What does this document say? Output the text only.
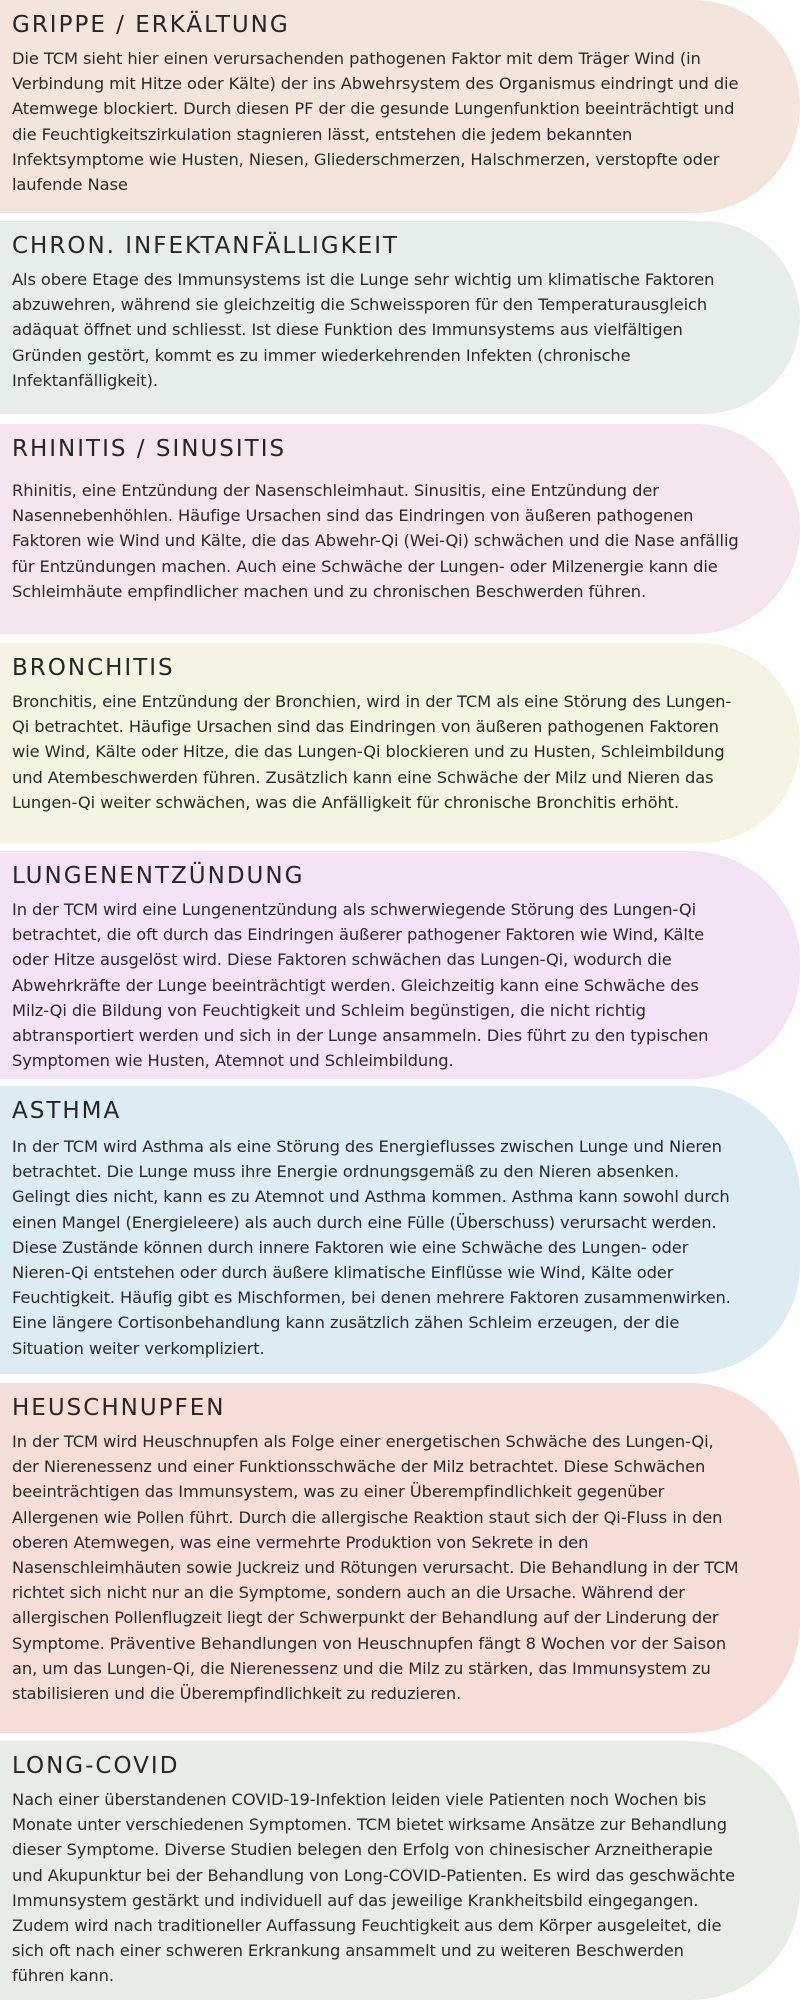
GRIPPE / ERKÄLTUNG

Die TCM sieht hier einen verursachenden pathogenen Faktor mit dem Träger Wind (in Verbindung mit Hitze oder Kälte) der ins Abwehrsystem des Organismus eindringt und die Atemwege blockiert. Durch diesen PF der die gesunde Lungenfunktion beeinträchtigt und die Feuchtigkeitszirkulation stagnieren lässt, entstehen die jedem bekannten Infektsymptome wie Husten, Niesen, Gliederschmerzen, Halschmerzen, verstopfte oder laufende Nase

CHRON. INFEKTANFÄLLIGKEIT

Als obere Etage des Immunsystems ist die Lunge sehr wichtig um klimatische Faktoren abzuwehren, während sie gleichzeitig die Schweissporen für den Temperaturausgleich adäquat öffnet und schliesst. Ist diese Funktion des Immunsystems aus vielfältigen Gründen gestört, kommt es zu immer wiederkehrenden Infekten (chronische Infektanfälligkeit).

RHINITIS / SINUSITIS

Rhinitis, eine Entzündung der Nasenschleimhaut. Sinusitis, eine Entzündung der Nasennebenhöhlen. Häufige Ursachen sind das Eindringen von äußeren pathogenen Faktoren wie Wind und Kälte, die das Abwehr-Qi (Wei-Qi) schwächen und die Nase anfällig für Entzündungen machen. Auch eine Schwäche der Lungen- oder Milzenergie kann die Schleimhäute empfindlicher machen und zu chronischen Beschwerden führen.

BRONCHITIS

Bronchitis, eine Entzündung der Bronchien, wird in der TCM als eine Störung des Lungen-Qi betrachtet. Häufige Ursachen sind das Eindringen von äußeren pathogenen Faktoren wie Wind, Kälte oder Hitze, die das Lungen-Qi blockieren und zu Husten, Schleimbildung und Atembeschwerden führen. Zusätzlich kann eine Schwäche der Milz und Nieren das Lungen-Qi weiter schwächen, was die Anfälligkeit für chronische Bronchitis erhöht.

LUNGENENTZÜNDUNG

In der TCM wird eine Lungenentzündung als schwerwiegende Störung des Lungen-Qi betrachtet, die oft durch das Eindringen äußerer pathogener Faktoren wie Wind, Kälte oder Hitze ausgelöst wird. Diese Faktoren schwächen das Lungen-Qi, wodurch die Abwehrkräfte der Lunge beeinträchtigt werden. Gleichzeitig kann eine Schwäche des Milz-Qi die Bildung von Feuchtigkeit und Schleim begünstigen, die nicht richtig abtransportiert werden und sich in der Lunge ansammeln. Dies führt zu den typischen Symptomen wie Husten, Atemnot und Schleimbildung.

ASTHMA

In der TCM wird Asthma als eine Störung des Energieflusses zwischen Lunge und Nieren betrachtet. Die Lunge muss ihre Energie ordnungsgemäß zu den Nieren absenken. Gelingt dies nicht, kann es zu Atemnot und Asthma kommen. Asthma kann sowohl durch einen Mangel (Energieleere) als auch durch eine Fülle (Überschuss) verursacht werden. Diese Zustände können durch innere Faktoren wie eine Schwäche des Lungen- oder Nieren-Qi entstehen oder durch äußere klimatische Einflüsse wie Wind, Kälte oder Feuchtigkeit. Häufig gibt es Mischformen, bei denen mehrere Faktoren zusammenwirken. Eine längere Cortisonbehandlung kann zusätzlich zähen Schleim erzeugen, der die Situation weiter verkompliziert.

HEUSCHNUPFEN

In der TCM wird Heuschnupfen als Folge einer energetischen Schwäche des Lungen-Qi, der Nierenessenz und einer Funktionsschwäche der Milz betrachtet. Diese Schwächen beeinträchtigen das Immunsystem, was zu einer Überempfindlichkeit gegenüber Allergenen wie Pollen führt. Durch die allergische Reaktion staut sich der Qi-Fluss in den oberen Atemwegen, was eine vermehrte Produktion von Sekrete in den Nasenschleimhäuten sowie Juckreiz und Rötungen verursacht. Die Behandlung in der TCM richtet sich nicht nur an die Symptome, sondern auch an die Ursache. Während der allergischen Pollenflugzeit liegt der Schwerpunkt der Behandlung auf der Linderung der Symptome. Präventive Behandlungen von Heuschnupfen fängt 8 Wochen vor der Saison an, um das Lungen-Qi, die Nierenessenz und die Milz zu stärken, das Immunsystem zu stabilisieren und die Überempfindlichkeit zu reduzieren.

LONG-COVID

Nach einer überstandenen COVID-19-Infektion leiden viele Patienten noch Wochen bis Monate unter verschiedenen Symptomen. TCM bietet wirksame Ansätze zur Behandlung dieser Symptome. Diverse Studien belegen den Erfolg von chinesischer Arzneitherapie und Akupunktur bei der Behandlung von Long-COVID-Patienten. Es wird das geschwächte Immunsystem gestärkt und individuell auf das jeweilige Krankheitsbild eingegangen. Zudem wird nach traditioneller Auffassung Feuchtigkeit aus dem Körper ausgeleitet, die sich oft nach einer schweren Erkrankung ansammelt und zu weiteren Beschwerden führen kann.
